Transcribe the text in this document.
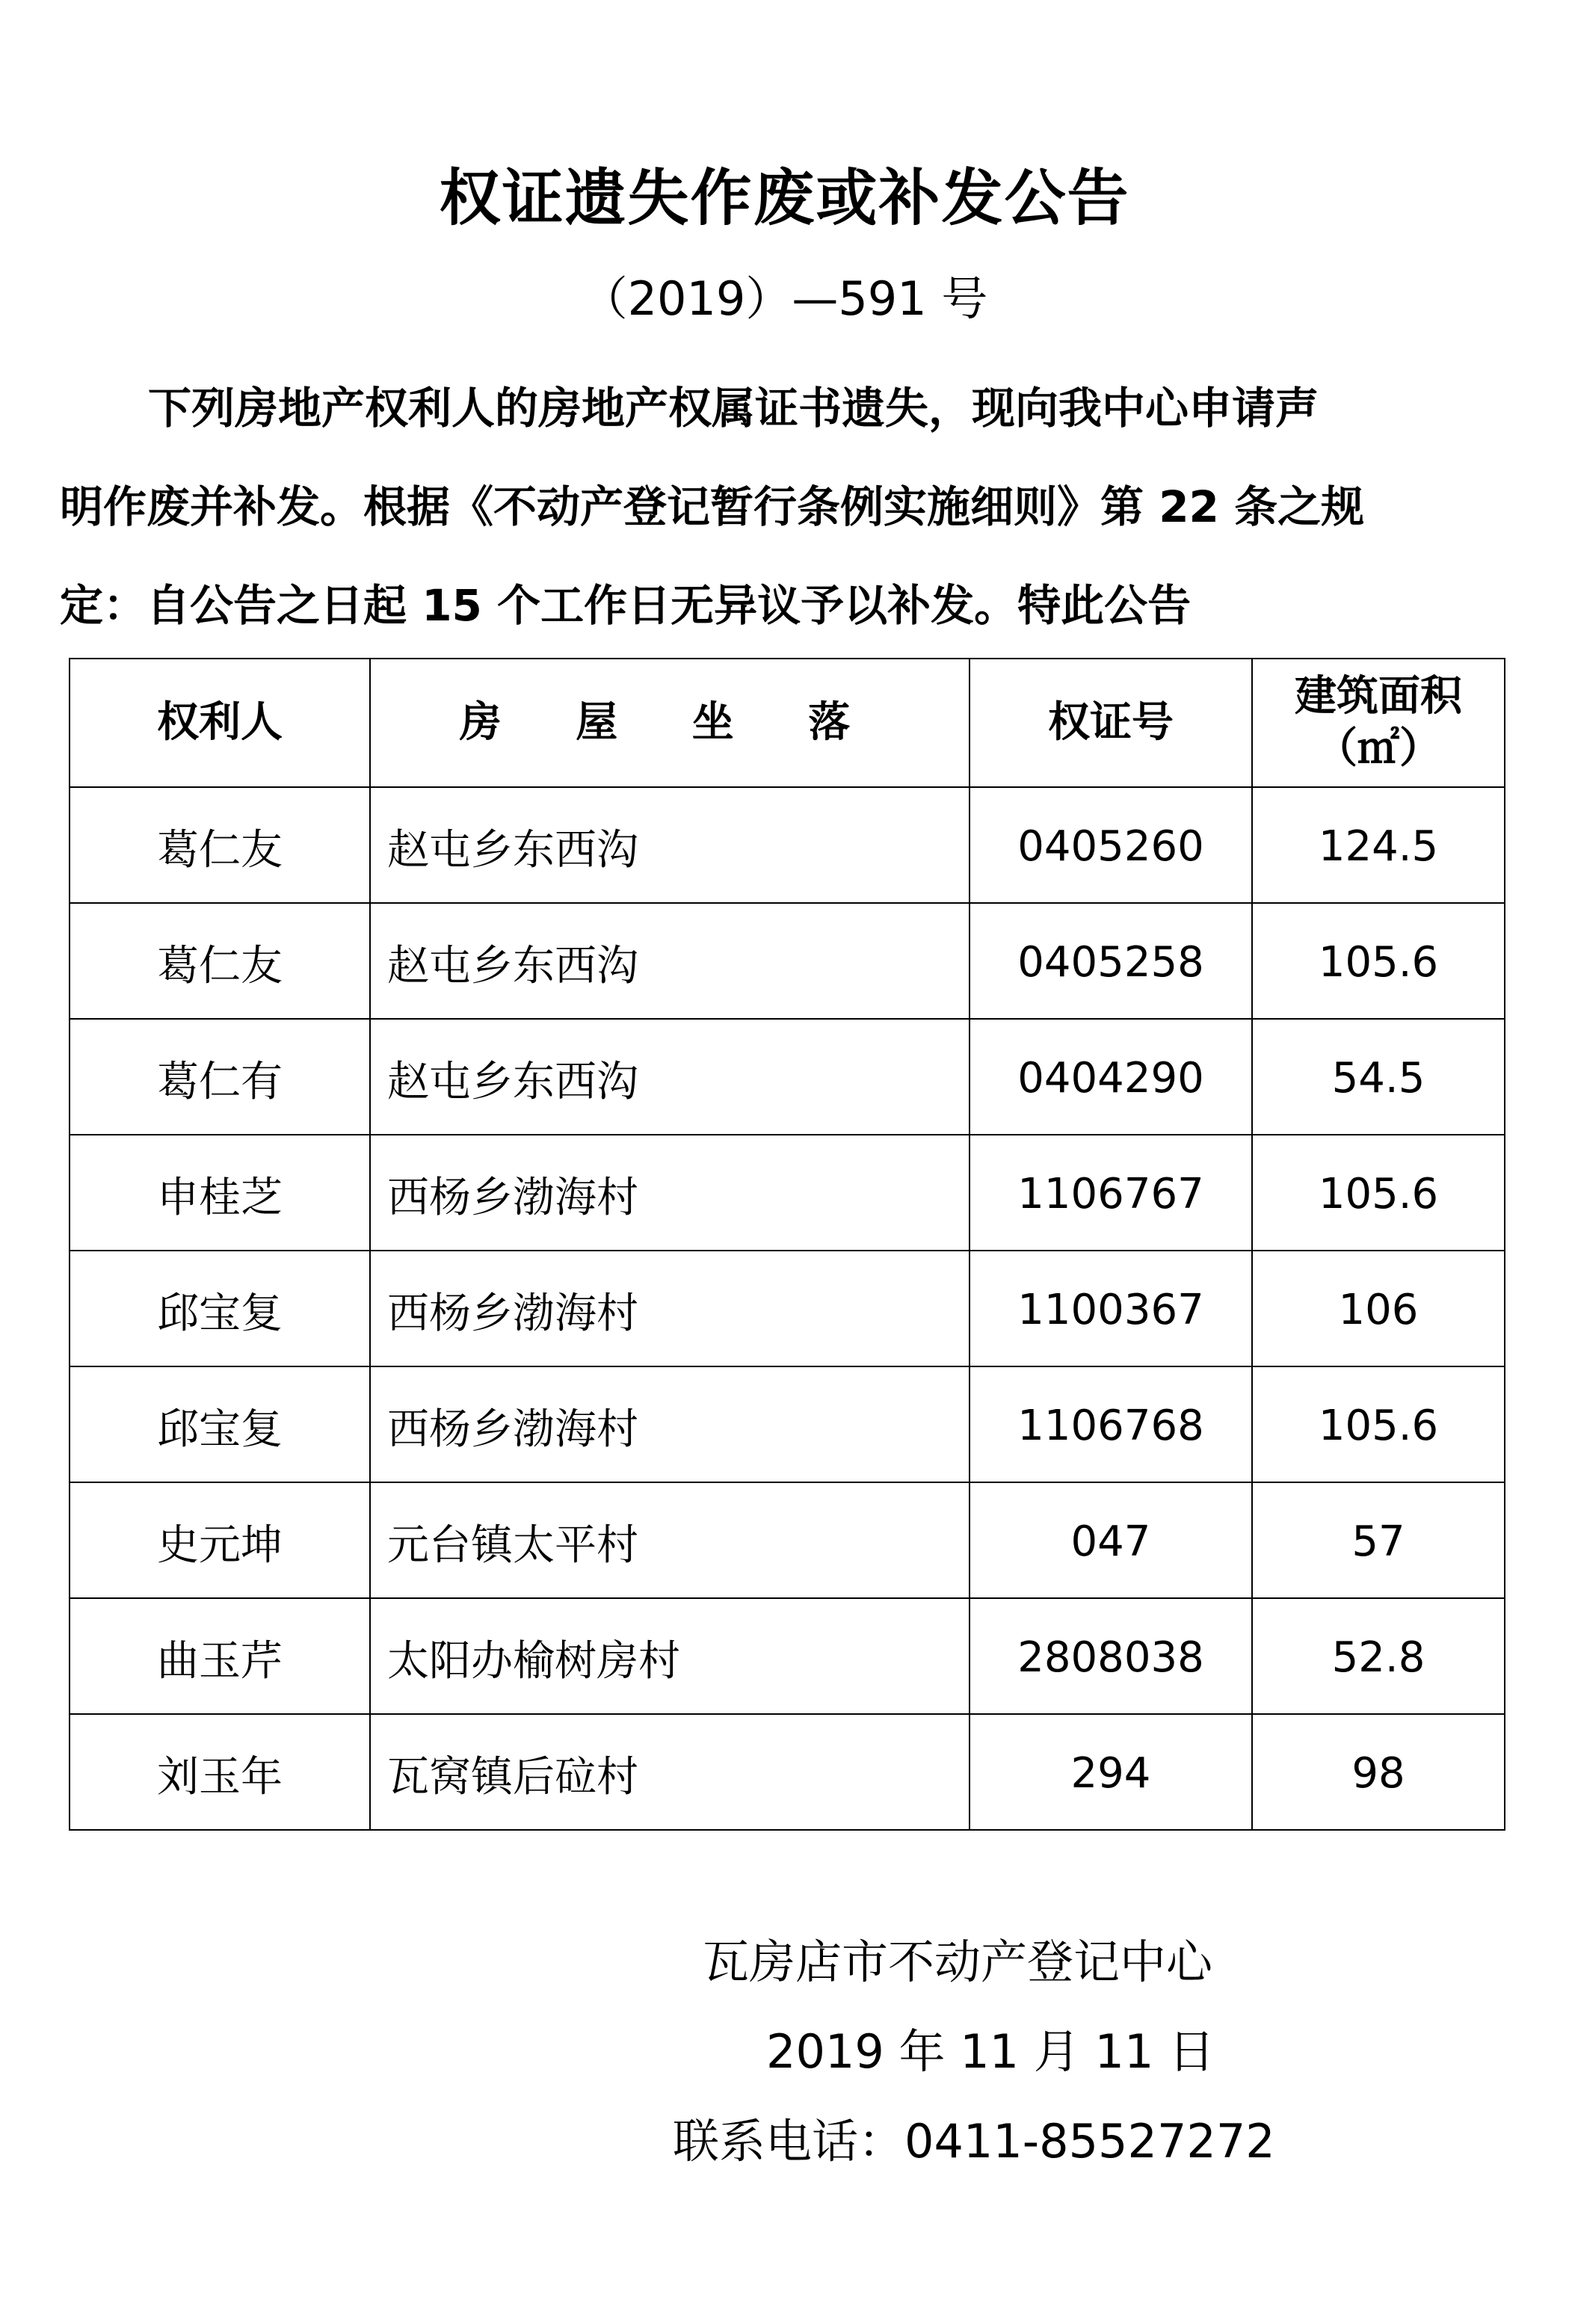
权证遗失作废或补发公告
（2019）—591 号
下列房地产权利人的房地产权属证书遗失，现向我中心申请声
明作废并补发。根据《不动产登记暂行条例实施细则》第 22 条之规
定：自公告之日起 15 个工作日无异议予以补发。特此公告
权利人	房 屋 坐 落	权证号	建筑面积
（㎡）

葛仁友	赵屯乡东西沟	0405260	124.5
葛仁友	赵屯乡东西沟	0405258	105.6
葛仁有	赵屯乡东西沟	0404290	54.5
申桂芝	西杨乡渤海村	1106767	105.6
邱宝复	西杨乡渤海村	1100367	106
邱宝复	西杨乡渤海村	1106768	105.6
史元坤	元台镇太平村	047	57
曲玉芹	太阳办榆树房村	2808038	52.8
刘玉年	瓦窝镇后砬村	294	98
瓦房店市不动产登记中心
2019 年 11 月 11 日
联系电话：0411-85527272
